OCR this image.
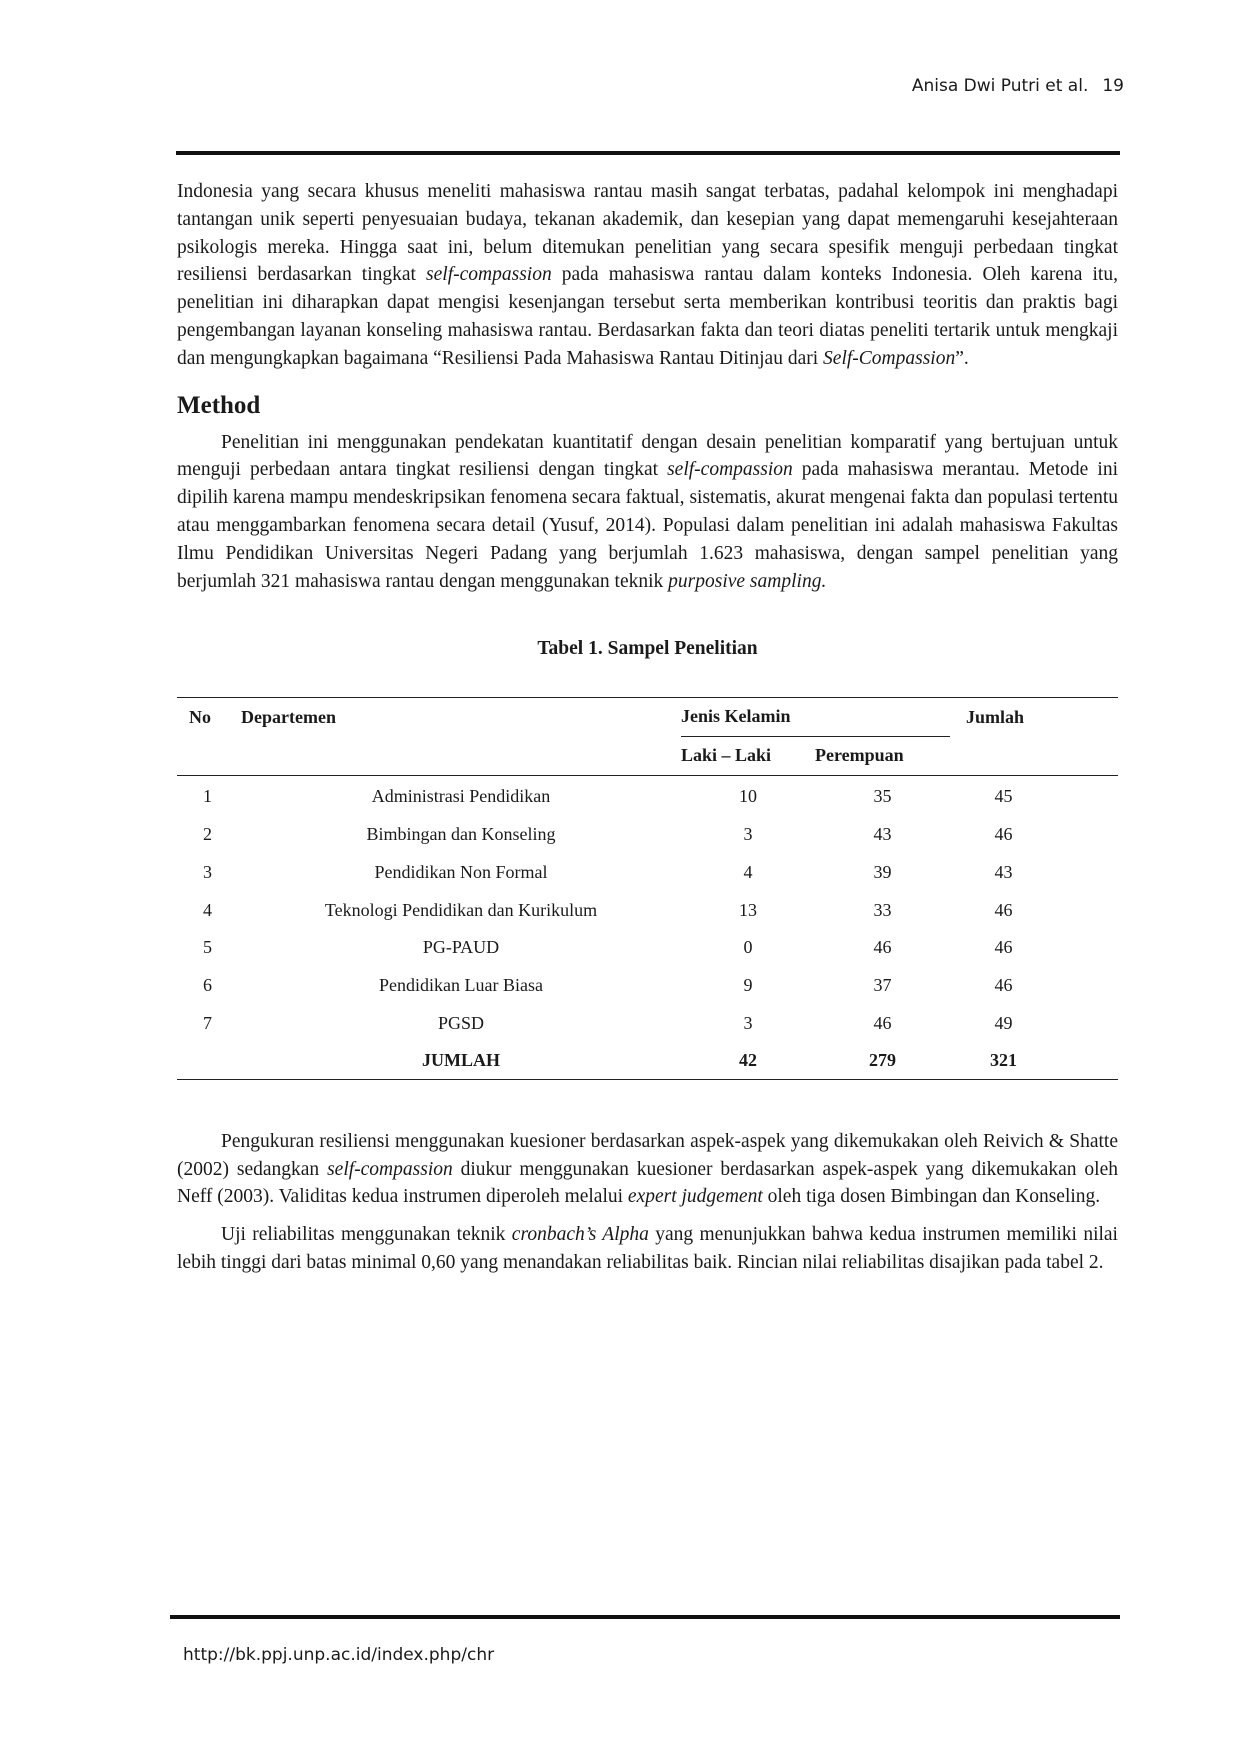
Anisa Dwi Putri et al. 19

Indonesia yang secara khusus meneliti mahasiswa rantau masih sangat terbatas, padahal kelompok ini menghadapi tantangan unik seperti penyesuaian budaya, tekanan akademik, dan kesepian yang dapat memengaruhi kesejahteraan psikologis mereka. Hingga saat ini, belum ditemukan penelitian yang secara spesifik menguji perbedaan tingkat resiliensi berdasarkan tingkat self-compassion pada mahasiswa rantau dalam konteks Indonesia. Oleh karena itu, penelitian ini diharapkan dapat mengisi kesenjangan tersebut serta memberikan kontribusi teoritis dan praktis bagi pengembangan layanan konseling mahasiswa rantau. Berdasarkan fakta dan teori diatas peneliti tertarik untuk mengkaji dan mengungkapkan bagaimana “Resiliensi Pada Mahasiswa Rantau Ditinjau dari Self-Compassion”.

Method

Penelitian ini menggunakan pendekatan kuantitatif dengan desain penelitian komparatif yang bertujuan untuk menguji perbedaan antara tingkat resiliensi dengan tingkat self-compassion pada mahasiswa merantau. Metode ini dipilih karena mampu mendeskripsikan fenomena secara faktual, sistematis, akurat mengenai fakta dan populasi tertentu atau menggambarkan fenomena secara detail (Yusuf, 2014). Populasi dalam penelitian ini adalah mahasiswa Fakultas Ilmu Pendidikan Universitas Negeri Padang yang berjumlah 1.623 mahasiswa, dengan sampel penelitian yang berjumlah 321 mahasiswa rantau dengan menggunakan teknik purposive sampling.

Tabel 1. Sampel Penelitian
No	Departemen	Jenis Kelamin		Jumlah	
		Laki – Laki	Perempuan		
1	Administrasi Pendidikan	10	35	45	
2	Bimbingan dan Konseling	3	43	46	
3	Pendidikan Non Formal	4	39	43	
4	Teknologi Pendidikan dan Kurikulum	13	33	46	
5	PG-PAUD	0	46	46	
6	Pendidikan Luar Biasa	9	37	46	
7	PGSD	3	46	49	
	JUMLAH	42	279	321	

Pengukuran resiliensi menggunakan kuesioner berdasarkan aspek-aspek yang dikemukakan oleh Reivich & Shatte (2002) sedangkan self-compassion diukur menggunakan kuesioner berdasarkan aspek-aspek yang dikemukakan oleh Neff (2003). Validitas kedua instrumen diperoleh melalui expert judgement oleh tiga dosen Bimbingan dan Konseling.

Uji reliabilitas menggunakan teknik cronbach’s Alpha yang menunjukkan bahwa kedua instrumen memiliki nilai lebih tinggi dari batas minimal 0,60 yang menandakan reliabilitas baik. Rincian nilai reliabilitas disajikan pada tabel 2.

http://bk.ppj.unp.ac.id/index.php/chr
